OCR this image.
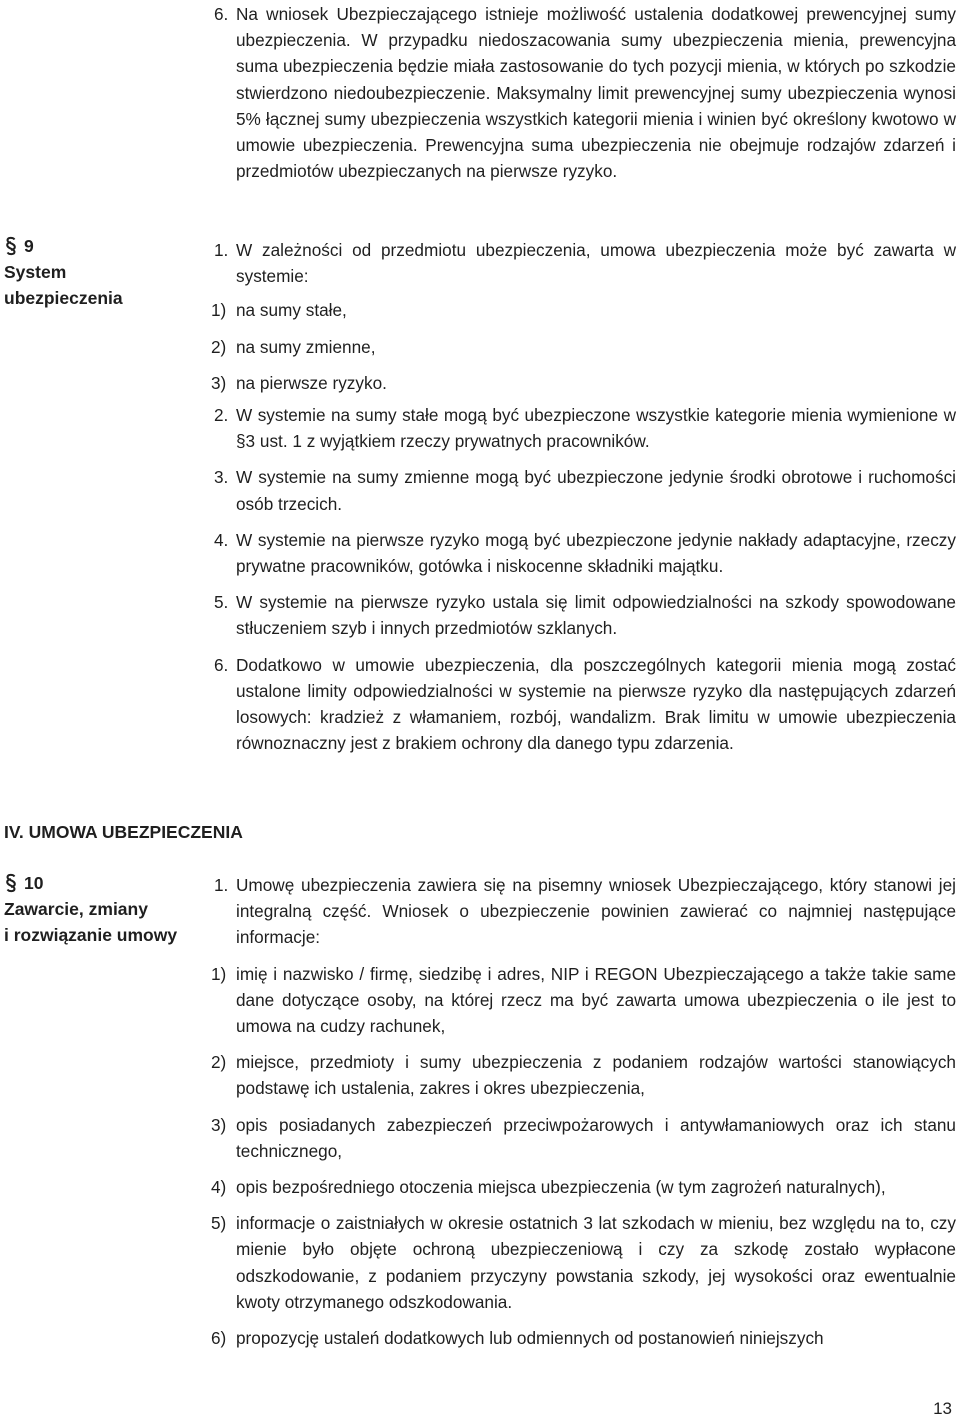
6. Na wniosek Ubezpieczającego istnieje możliwość ustalenia dodatkowej prewencyjnej sumy ubezpieczenia. W przypadku niedoszacowania sumy ubezpieczenia mienia, prewencyjna suma ubezpieczenia będzie miała zastosowanie do tych pozycji mienia, w których po szkodzie stwierdzono niedoubezpieczenie. Maksymalny limit prewencyjnej sumy ubezpieczenia wynosi 5% łącznej sumy ubezpieczenia wszystkich kategorii mienia i winien być określony kwotowo w umowie ubezpieczenia. Prewencyjna suma ubezpieczenia nie obejmuje rodzajów zdarzeń i przedmiotów ubezpieczanych na pierwsze ryzyko.
9
System
ubezpieczenia
1. W zależności od przedmiotu ubezpieczenia, umowa ubezpieczenia może być zawarta w systemie:
1) na sumy stałe,
2) na sumy zmienne,
3) na pierwsze ryzyko.
2. W systemie na sumy stałe mogą być ubezpieczone wszystkie kategorie mienia wymienione w §3 ust. 1 z wyjątkiem rzeczy prywatnych pracowników.
3. W systemie na sumy zmienne mogą być ubezpieczone jedynie środki obrotowe i ruchomości osób trzecich.
4. W systemie na pierwsze ryzyko mogą być ubezpieczone jedynie nakłady adaptacyjne, rzeczy prywatne pracowników, gotówka i niskocenne składniki majątku.
5. W systemie na pierwsze ryzyko ustala się limit odpowiedzialności na szkody spowodowane stłuczeniem szyb i innych przedmiotów szklanych.
6. Dodatkowo w umowie ubezpieczenia, dla poszczególnych kategorii mienia mogą zostać ustalone limity odpowiedzialności w systemie na pierwsze ryzyko dla następujących zdarzeń losowych: kradzież z włamaniem, rozbój, wandalizm. Brak limitu w umowie ubezpieczenia równoznaczny jest z brakiem ochrony dla danego typu zdarzenia.
IV. UMOWA UBEZPIECZENIA
10
Zawarcie, zmiany
i rozwiązanie umowy
1. Umowę ubezpieczenia zawiera się na pisemny wniosek Ubezpieczającego, który stanowi jej integralną część. Wniosek o ubezpieczenie powinien zawierać co najmniej następujące informacje:
1) imię i nazwisko / firmę, siedzibę i adres, NIP i REGON Ubezpieczającego a także takie same dane dotyczące osoby, na której rzecz ma być zawarta umowa ubezpieczenia o ile jest to umowa na cudzy rachunek,
2) miejsce, przedmioty i sumy ubezpieczenia z podaniem rodzajów wartości stanowiących podstawę ich ustalenia, zakres i okres ubezpieczenia,
3) opis posiadanych zabezpieczeń przeciwpożarowych i antywłamaniowych oraz ich stanu technicznego,
4) opis bezpośredniego otoczenia miejsca ubezpieczenia (w tym zagrożeń naturalnych),
5) informacje o zaistniałych w okresie ostatnich 3 lat szkodach w mieniu, bez względu na to, czy mienie było objęte ochroną ubezpieczeniową i czy za szkodę zostało wypłacone odszkodowanie, z podaniem przyczyny powstania szkody, jej wysokości oraz ewentualnie kwoty otrzymanego odszkodowania.
6) propozycję ustaleń dodatkowych lub odmiennych od postanowień niniejszych
13
